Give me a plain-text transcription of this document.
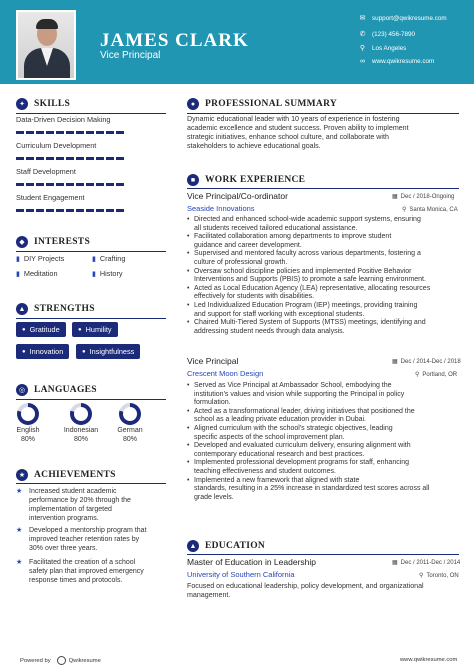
JAMES CLARK
Vice Principal
✉ support@qwikresume.com
✆ (123) 456-7890
⚲	Los Angeles
∞	www.qwikresume.com
✦ SKILLS
Data-Driven Decision Making
Curriculum Development
Staff Development
Student Engagement
◆ INTERESTS
▮ DIY Projects	▮ Crafting
▮ Meditation	▮ History
▲ STRENGTHS
● Gratitude	● Humility
● Innovation	● Insightfulness
◎ LANGUAGES
English
80%
Indonesian
80%
German
80%
★ ACHIEVEMENTS
★ Increased student academic
performance by 20% through the
implementation of targeted
intervention programs.
★ Developed a mentorship program that
improved teacher retention rates by
30% over three years.
★ Facilitated the creation of a school
safety plan that improved emergency
response times and protocols.
●	PROFESSIONAL SUMMARY
Dynamic educational leader with 10 years of experience in fostering
academic excellence and student success. Proven ability to implement
strategic initiatives, enhance school culture, and collaborate with
stakeholders to achieve educational goals.
■	WORK EXPERIENCE
Vice Principal/Co-ordinator	▦ Dec / 2018-Ongoing
Seaside Innovations	⚲ Santa Monica, CA
• Directed and enhanced school-wide academic support systems, ensuring
all students received tailored educational assistance.
• Facilitated collaboration among departments to improve student
guidance and career development.
• Supervised and mentored faculty across various departments, fostering a
culture of professional growth.
• Oversaw school discipline policies and implemented Positive Behavior
Interventions and Supports (PBIS) to promote a safe learning environment.
• Acted as Local Education Agency (LEA) representative, allocating resources
effectively for students with disabilities.
• Led Individualized Education Program (IEP) meetings, providing training
and support for staff working with exceptional students.
• Chaired Multi-Tiered System of Supports (MTSS) meetings, identifying and
addressing student needs through data analysis.
Vice Principal	▦ Dec / 2014-Dec / 2018
Crescent Moon Design	⚲ Portland, OR
• Served as Vice Principal at Ambassador School, embodying the
institution's values and vision while supporting the Principal in policy
formulation.
• Acted as a transformational leader, driving initiatives that positioned the
school as a leading private education provider in Dubai.
• Aligned curriculum with the school's strategic objectives, leading
specific aspects of the school improvement plan.
• Developed and evaluated curriculum delivery, ensuring alignment with
contemporary educational research and best practices.
• Implemented professional development programs for staff, enhancing
teaching effectiveness and student outcomes.
• Implemented a new framework that aligned with state
standards, resulting in a 25% increase in standardized test scores across all
grade levels.
▲ EDUCATION
Master of Education in Leadership	▦ Dec / 2011-Dec / 2014
University of Southern California	⚲ Toronto, ON
Focused on educational leadership, policy development, and organizational
management.
Powered by	Qwikresume	www.qwikresume.com
